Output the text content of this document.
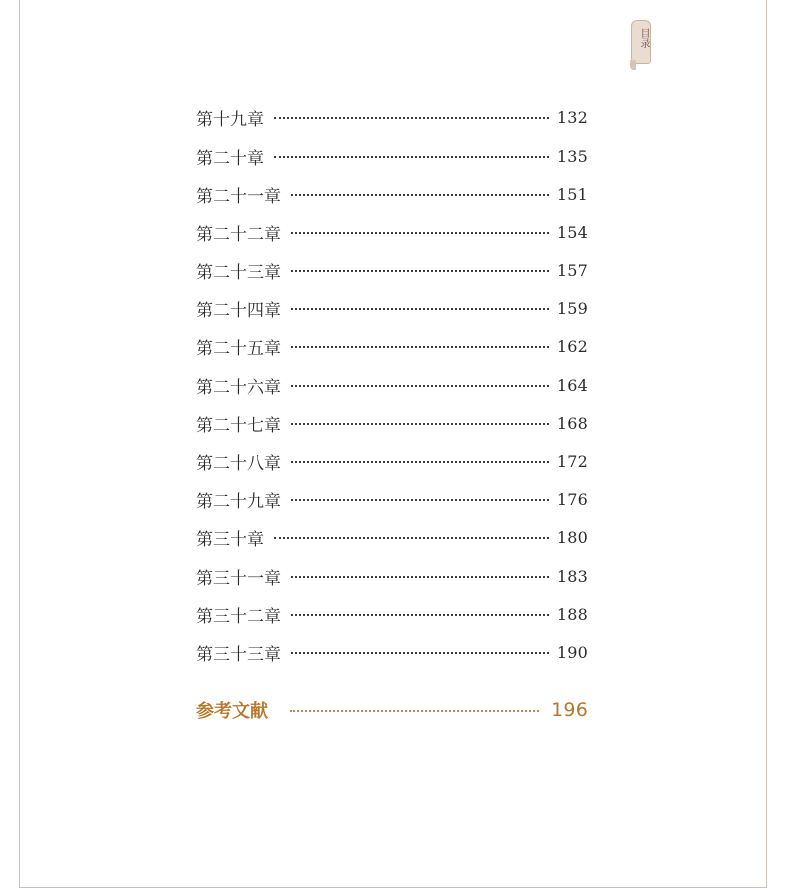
目录
第十九章	132
第二十章	135
第二十一章	151
第二十二章	154
第二十三章	157
第二十四章	159
第二十五章	162
第二十六章	164
第二十七章	168
第二十八章	172
第二十九章	176
第三十章	180
第三十一章	183
第三十二章	188
第三十三章	190
参考文献	196
